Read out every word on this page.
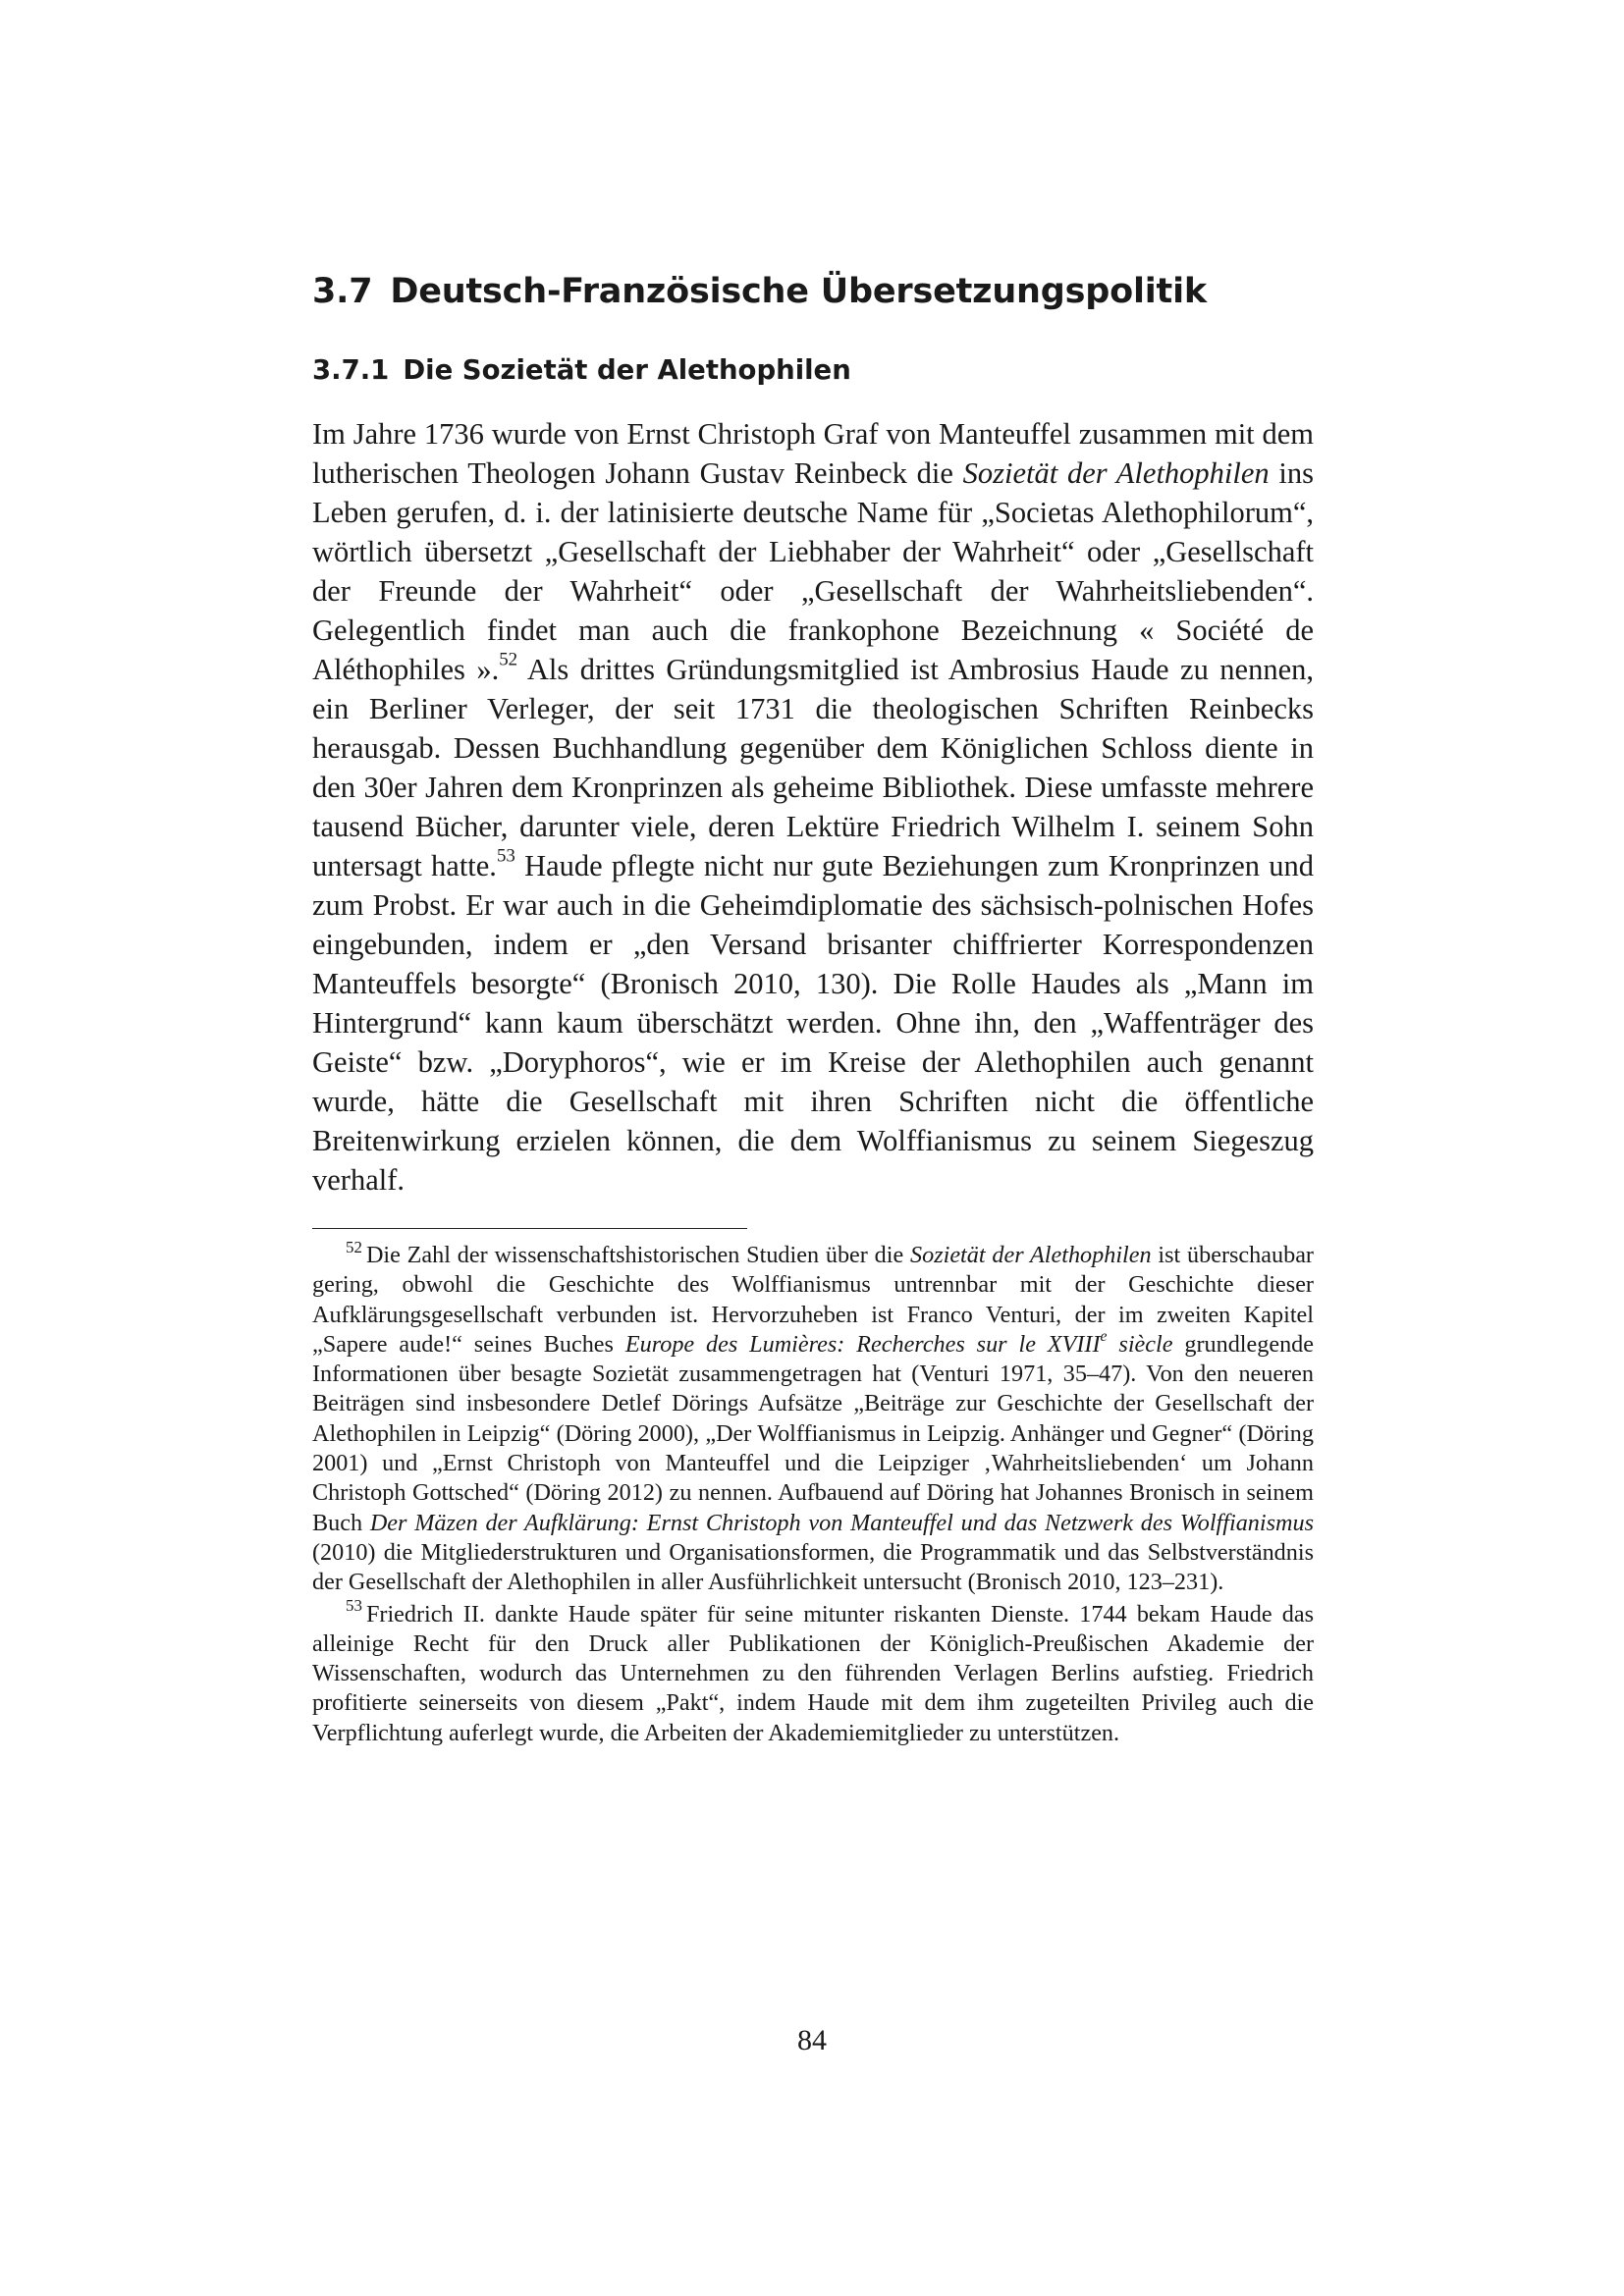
3.7 Deutsch-Französische Übersetzungspolitik
3.7.1 Die Sozietät der Alethophilen

Im Jahre 1736 wurde von Ernst Christoph Graf von Manteuffel zusammen mit dem lutherischen Theologen Johann Gustav Reinbeck die Sozietät der Alethophilen ins Leben gerufen, d. i. der latinisierte deutsche Name für „Societas Alethophilorum“, wörtlich übersetzt „Gesellschaft der Liebhaber der Wahrheit“ oder „Gesellschaft der Freunde der Wahrheit“ oder „Gesellschaft der Wahrheitsliebenden“. Gelegentlich findet man auch die frankophone Bezeichnung « Société de Aléthophiles ».$^{52}$ Als drittes Gründungsmitglied ist Ambrosius Haude zu nennen, ein Berliner Verleger, der seit 1731 die theologischen Schriften Reinbecks herausgab. Dessen Buchhandlung gegenüber dem Königlichen Schloss diente in den 30er Jahren dem Kronprinzen als geheime Bibliothek. Diese umfasste mehrere tausend Bücher, darunter viele, deren Lektüre Friedrich Wilhelm I. seinem Sohn untersagt hatte.$^{53}$ Haude pflegte nicht nur gute Beziehungen zum Kronprinzen und zum Probst. Er war auch in die Geheimdiplomatie des sächsisch-polnischen Hofes eingebunden, indem er „den Versand brisanter chiffrierter Korrespondenzen Manteuffels besorgte“ (Bronisch 2010, 130). Die Rolle Haudes als „Mann im Hintergrund“ kann kaum überschätzt werden. Ohne ihn, den „Waffenträger des Geiste“ bzw. „Doryphoros“, wie er im Kreise der Alethophilen auch genannt wurde, hätte die Gesellschaft mit ihren Schriften nicht die öffentliche Breitenwirkung erzielen können, die dem Wolffianismus zu seinem Siegeszug verhalf.

$^{52}$ Die Zahl der wissenschaftshistorischen Studien über die Sozietät der Alethophilen ist überschaubar gering, obwohl die Geschichte des Wolffianismus untrennbar mit der Geschichte dieser Aufklärungsgesellschaft verbunden ist. Hervorzuheben ist Franco Venturi, der im zweiten Kapitel „Sapere aude!“ seines Buches Europe des Lumières: Recherches sur le XVIIIe siècle grundlegende Informationen über besagte Sozietät zusammengetragen hat (Venturi 1971, 35–47). Von den neueren Beiträgen sind insbesondere Detlef Dörings Aufsätze „Beiträge zur Geschichte der Gesellschaft der Alethophilen in Leipzig“ (Döring 2000), „Der Wolffianismus in Leipzig. Anhänger und Gegner“ (Döring 2001) und „Ernst Christoph von Manteuffel und die Leipziger ‚Wahrheitsliebenden‘ um Johann Christoph Gottsched“ (Döring 2012) zu nennen. Aufbauend auf Döring hat Johannes Bronisch in seinem Buch Der Mäzen der Aufklärung: Ernst Christoph von Manteuffel und das Netzwerk des Wolffianismus (2010) die Mitgliederstrukturen und Organisationsformen, die Programmatik und das Selbstverständnis der Gesellschaft der Alethophilen in aller Ausführlichkeit untersucht (Bronisch 2010, 123–231).

$^{53}$ Friedrich II. dankte Haude später für seine mitunter riskanten Dienste. 1744 bekam Haude das alleinige Recht für den Druck aller Publikationen der Königlich-Preußischen Akademie der Wissenschaften, wodurch das Unternehmen zu den führenden Verlagen Berlins aufstieg. Friedrich profitierte seinerseits von diesem „Pakt“, indem Haude mit dem ihm zugeteilten Privileg auch die Verpflichtung auferlegt wurde, die Arbeiten der Akademiemitglieder zu unterstützen.

84
